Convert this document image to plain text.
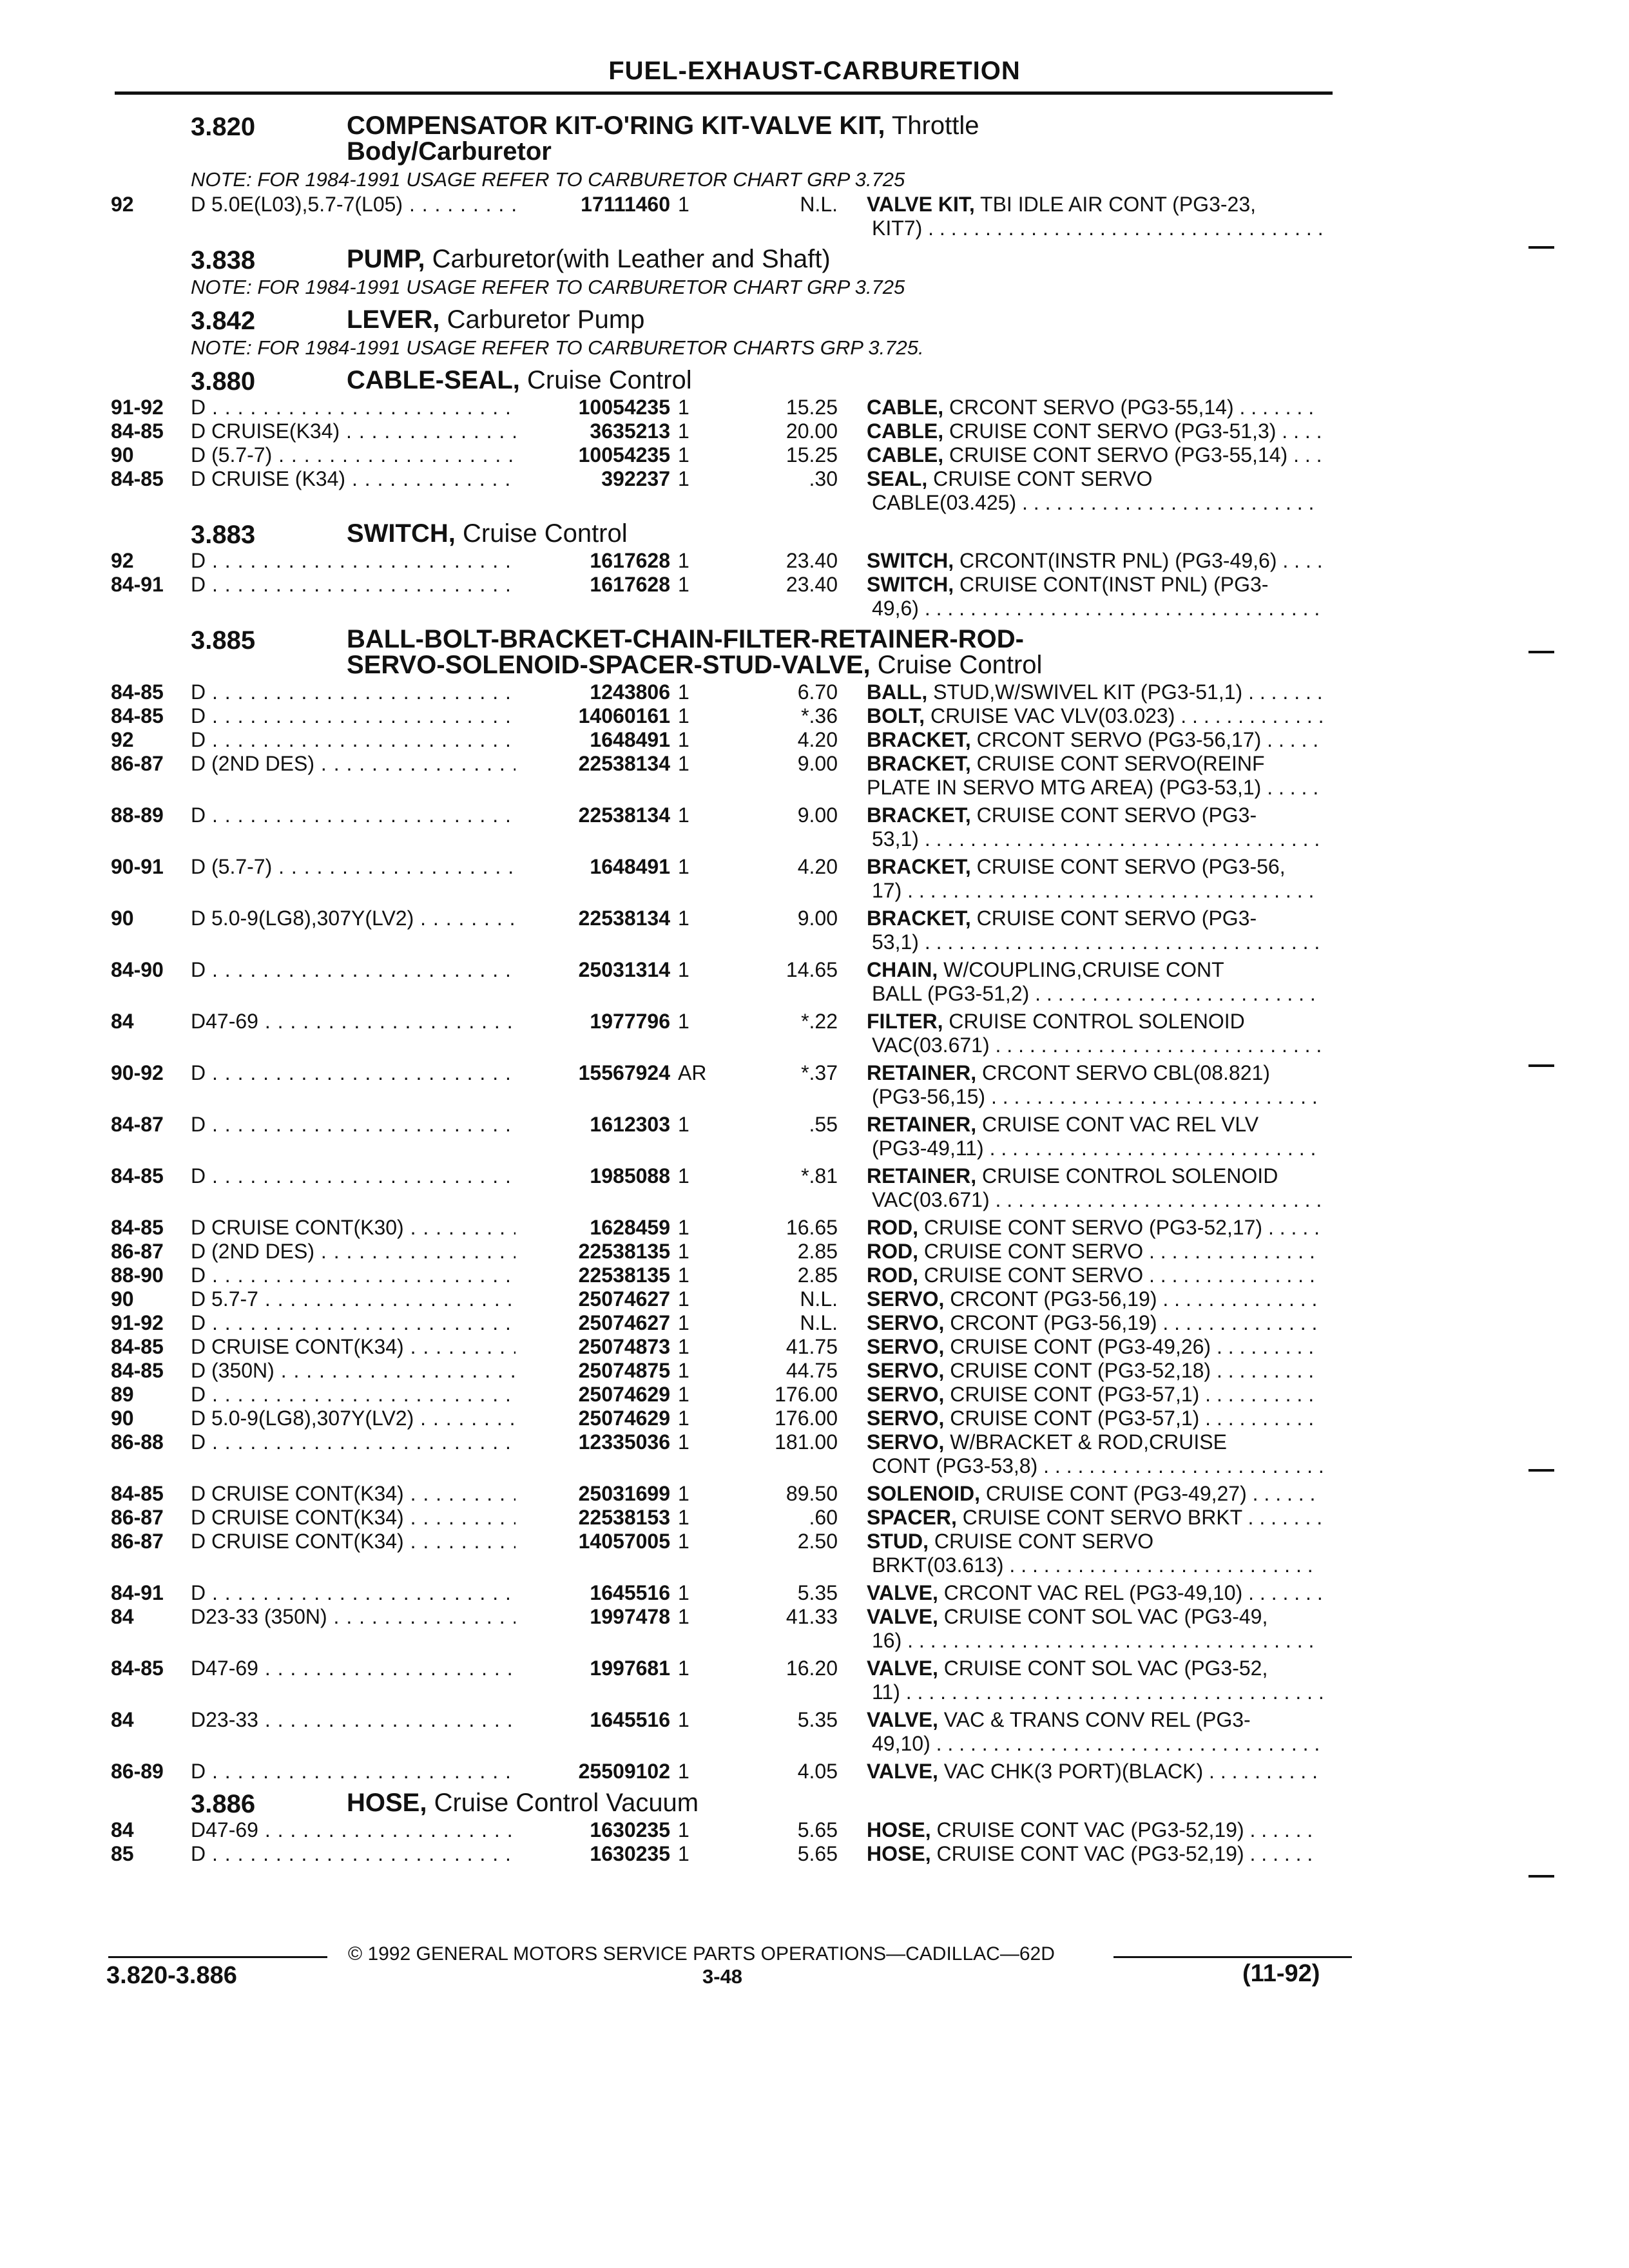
FUEL-EXHAUST-CARBURETION
3.820	COMPENSATOR KIT-O'RING KIT-VALVE KIT, Throttle
Body/Carburetor
NOTE: FOR 1984-1991 USAGE REFER TO CARBURETOR CHART GRP 3.725
92	D 5.0E(L03),5.7-7(L05) . . .	17111460 1	N.L. VALVE KIT, TBI IDLE AIR CONT (PG3-23,
KIT7) . . .
3.838	PUMP, Carburetor(with Leather and Shaft)
NOTE: FOR 1984-1991 USAGE REFER TO CARBURETOR CHART GRP 3.725
3.842	LEVER, Carburetor Pump
NOTE: FOR 1984-1991 USAGE REFER TO CARBURETOR CHARTS GRP 3.725.
3.880	CABLE-SEAL, Cruise Control
91-92	D . . .	10054235 1	15.25 CABLE, CRCONT SERVO (PG3-55,14) . . .
84-85	D CRUISE(K34) . . .	3635213 1	20.00 CABLE, CRUISE CONT SERVO (PG3-51,3) . . .
90	D (5.7-7) . . .	10054235 1	15.25 CABLE, CRUISE CONT SERVO (PG3-55,14) . . .
84-85	D CRUISE (K34) . . .	392237 1	.30 SEAL, CRUISE CONT SERVO
CABLE(03.425) . . .
3.883	SWITCH, Cruise Control
92	D . . .	1617628 1	23.40 SWITCH, CRCONT(INSTR PNL) (PG3-49,6) . . .
84-91	D . . .	1617628 1	23.40 SWITCH, CRUISE CONT(INST PNL) (PG3-
49,6) . . .
3.885	BALL-BOLT-BRACKET-CHAIN-FILTER-RETAINER-ROD-
SERVO-SOLENOID-SPACER-STUD-VALVE, Cruise Control
84-85	D . . .	1243806 1	6.70 BALL, STUD,W/SWIVEL KIT (PG3-51,1) . . .
84-85	D . . .	14060161 1	*.36 BOLT, CRUISE VAC VLV(03.023) . . .
92	D . . .	1648491 1	4.20 BRACKET, CRCONT SERVO (PG3-56,17) . . .
86-87	D (2ND DES) . . .	22538134 1	9.00 BRACKET, CRUISE CONT SERVO(REINF
PLATE IN SERVO MTG AREA) (PG3-53,1) . . .
88-89	D . . .	22538134 1	9.00 BRACKET, CRUISE CONT SERVO (PG3-
53,1) . . .
90-91	D (5.7-7) . . .	1648491 1	4.20 BRACKET, CRUISE CONT SERVO (PG3-56,
17) . . .
90	D 5.0-9(LG8),307Y(LV2) . . .	22538134 1	9.00 BRACKET, CRUISE CONT SERVO (PG3-
53,1) . . .
84-90	D . . .	25031314 1	14.65 CHAIN, W/COUPLING,CRUISE CONT
BALL (PG3-51,2) . . .
84	D47-69 . . .	1977796 1	*.22 FILTER, CRUISE CONTROL SOLENOID
VAC(03.671) . . .
90-92	D . . .	15567924 AR	*.37 RETAINER, CRCONT SERVO CBL(08.821)
(PG3-56,15) . . .
84-87	D . . .	1612303 1	.55 RETAINER, CRUISE CONT VAC REL VLV
(PG3-49,11) . . .
84-85	D . . .	1985088 1	*.81 RETAINER, CRUISE CONTROL SOLENOID
VAC(03.671) . . .
84-85	D CRUISE CONT(K30) . . .	1628459 1	16.65 ROD, CRUISE CONT SERVO (PG3-52,17) . . .
86-87	D (2ND DES) . . .	22538135 1	2.85 ROD, CRUISE CONT SERVO . . .
88-90	D . . .	22538135 1	2.85 ROD, CRUISE CONT SERVO . . .
90	D 5.7-7 . . .	25074627 1	N.L. SERVO, CRCONT (PG3-56,19) . . .
91-92	D . . .	25074627 1	N.L. SERVO, CRCONT (PG3-56,19) . . .
84-85	D CRUISE CONT(K34) . . .	25074873 1	41.75 SERVO, CRUISE CONT (PG3-49,26) . . .
84-85	D (350N) . . .	25074875 1	44.75 SERVO, CRUISE CONT (PG3-52,18) . . .
89	D . . .	25074629 1	176.00 SERVO, CRUISE CONT (PG3-57,1) . . .
90	D 5.0-9(LG8),307Y(LV2) . . .	25074629 1	176.00 SERVO, CRUISE CONT (PG3-57,1) . . .
86-88	D . . .	12335036 1	181.00 SERVO, W/BRACKET & ROD,CRUISE
CONT (PG3-53,8) . . .
84-85	D CRUISE CONT(K34) . . .	25031699 1	89.50 SOLENOID, CRUISE CONT (PG3-49,27) . . .
86-87	D CRUISE CONT(K34) . . .	22538153 1	.60 SPACER, CRUISE CONT SERVO BRKT . . .
86-87	D CRUISE CONT(K34) . . .	14057005 1	2.50 STUD, CRUISE CONT SERVO
BRKT(03.613) . . .
84-91	D . . .	1645516 1	5.35 VALVE, CRCONT VAC REL (PG3-49,10) . . .
84	D23-33 (350N) . . .	1997478 1	41.33 VALVE, CRUISE CONT SOL VAC (PG3-49,
16) . . .
84-85	D47-69 . . .	1997681 1	16.20 VALVE, CRUISE CONT SOL VAC (PG3-52,
11) . . .
84	D23-33 . . .	1645516 1	5.35 VALVE, VAC & TRANS CONV REL (PG3-
49,10) . . .
86-89	D . . .	25509102 1	4.05 VALVE, VAC CHK(3 PORT)(BLACK) . . .
3.886	HOSE, Cruise Control Vacuum
84	D47-69 . . .	1630235 1	5.65 HOSE, CRUISE CONT VAC (PG3-52,19) . . .
85	D . . .	1630235 1	5.65 HOSE, CRUISE CONT VAC (PG3-52,19) . . .
© 1992 GENERAL MOTORS SERVICE PARTS OPERATIONS—CADILLAC—62D
3.820-3.886	3-48	(11-92)
